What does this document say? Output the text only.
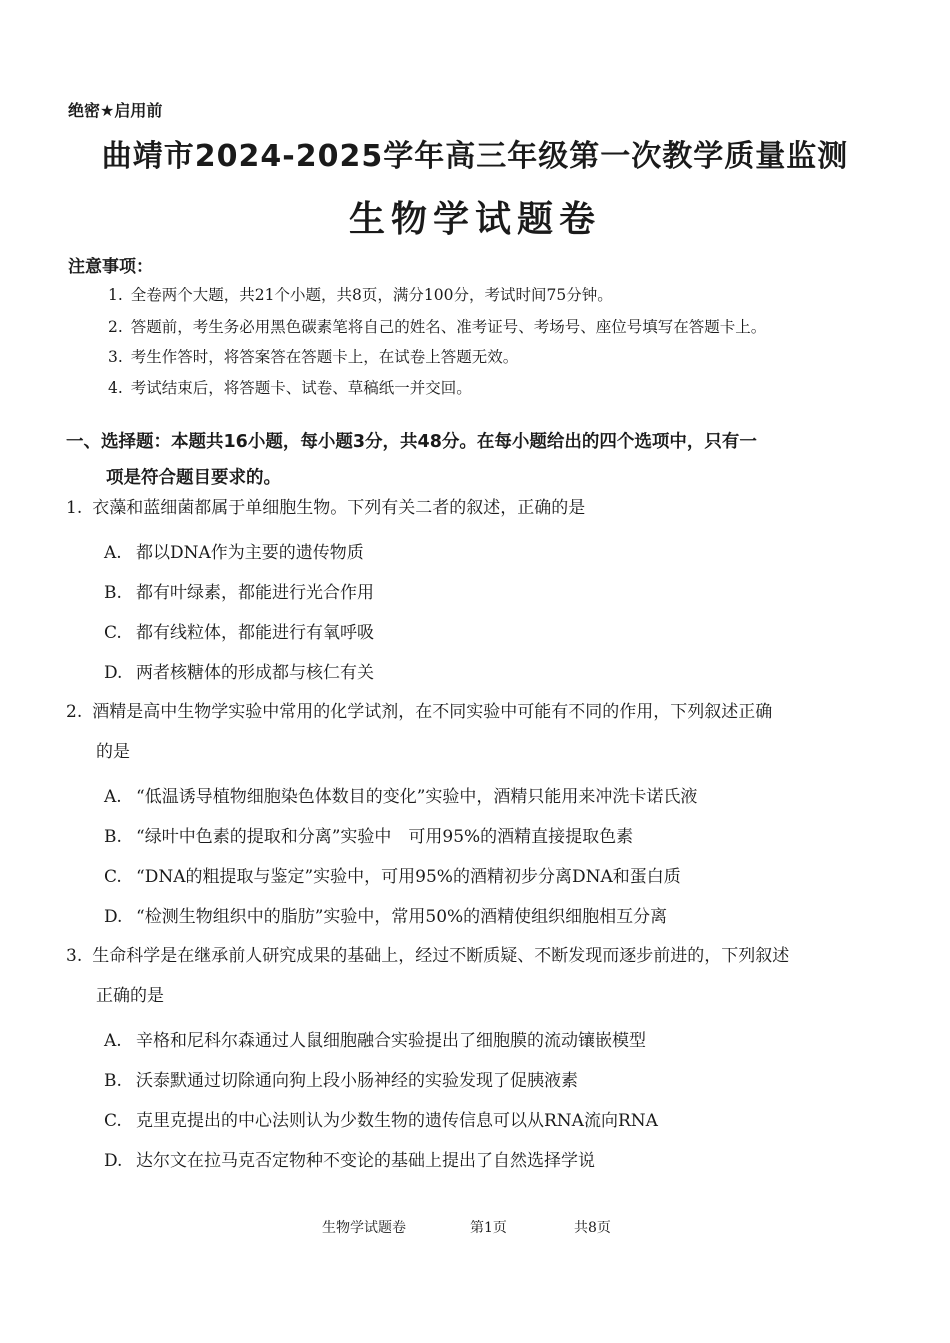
绝密★启用前
曲靖市2024-2025学年高三年级第一次教学质量监测
生物学试题卷
注意事项：
1. 全卷两个大题，共21个小题，共8页，满分100分，考试时间75分钟。
2. 答题前，考生务必用黑色碳素笔将自己的姓名、准考证号、考场号、座位号填写在答题卡上。
3. 考生作答时，将答案答在答题卡上，在试卷上答题无效。
4. 考试结束后，将答题卡、试卷、草稿纸一并交回。
一、选择题：本题共16小题，每小题3分，共48分。在每小题给出的四个选项中，只有一
项是符合题目要求的。
1. 衣藻和蓝细菌都属于单细胞生物。下列有关二者的叙述，正确的是
A. 都以DNA作为主要的遗传物质
B. 都有叶绿素，都能进行光合作用
C. 都有线粒体，都能进行有氧呼吸
D. 两者核糖体的形成都与核仁有关
2. 酒精是高中生物学实验中常用的化学试剂，在不同实验中可能有不同的作用，下列叙述正确
的是
A. “低温诱导植物细胞染色体数目的变化”实验中，酒精只能用来冲洗卡诺氏液
B. “绿叶中色素的提取和分离”实验中　可用95%的酒精直接提取色素
C. “DNA的粗提取与鉴定”实验中，可用95%的酒精初步分离DNA和蛋白质
D. “检测生物组织中的脂肪”实验中，常用50%的酒精使组织细胞相互分离
3. 生命科学是在继承前人研究成果的基础上，经过不断质疑、不断发现而逐步前进的，下列叙述
正确的是
A. 辛格和尼科尔森通过人鼠细胞融合实验提出了细胞膜的流动镶嵌模型
B. 沃泰默通过切除通向狗上段小肠神经的实验发现了促胰液素
C. 克里克提出的中心法则认为少数生物的遗传信息可以从RNA流向RNA
D. 达尔文在拉马克否定物种不变论的基础上提出了自然选择学说
生物学试题卷	第1页	共8页
